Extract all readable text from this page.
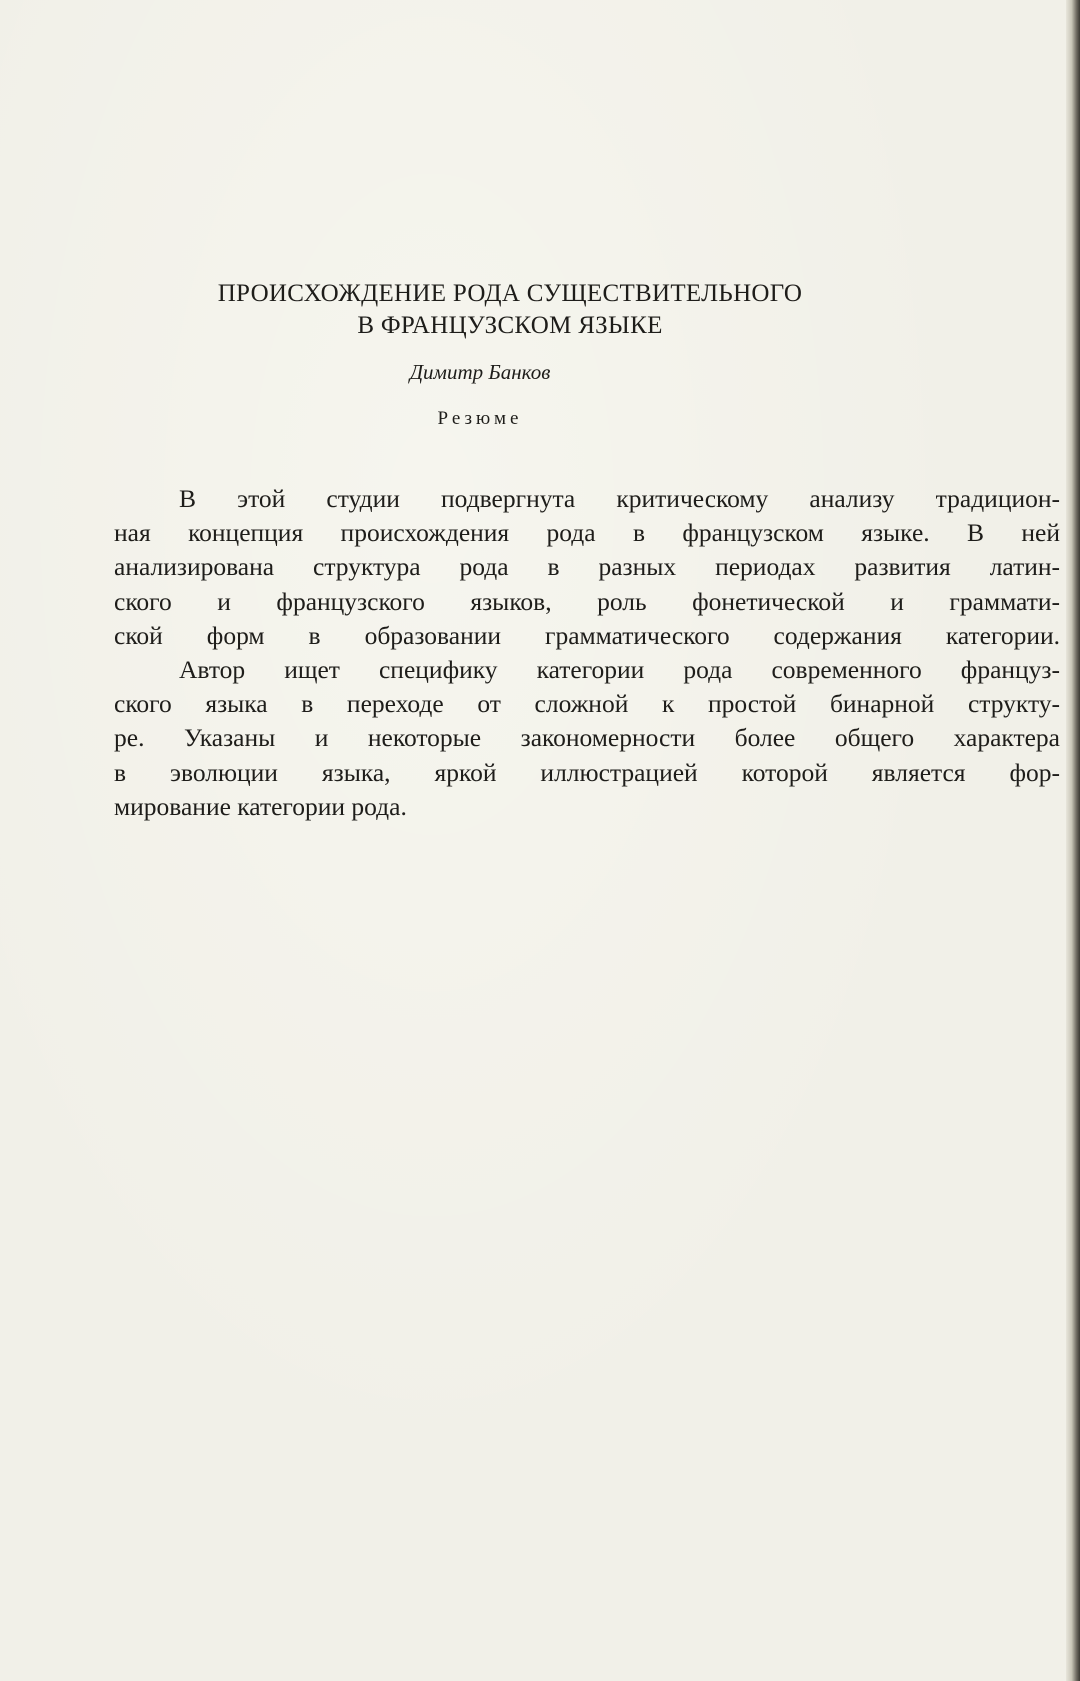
ПРОИСХОЖДЕНИЕ РОДА СУЩЕСТВИТЕЛЬНОГО
В ФРАНЦУЗСКОМ ЯЗЫКЕ
Димитр Банков
Резюме
В этой студии подвергнута критическому анализу традицион-
ная концепция происхождения рода в французском языке. В ней
анализирована структура рода в разных периодах развития латин-
ского и французского языков, роль фонетической и граммати-
ской форм в образовании грамматического содержания категории.
Автор ищет специфику категории рода современного француз-
ского языка в переходе от сложной к простой бинарной структу-
ре. Указаны и некоторые закономерности более общего характера
в эволюции языка, яркой иллюстрацией которой является фор-
мирование категории рода.
